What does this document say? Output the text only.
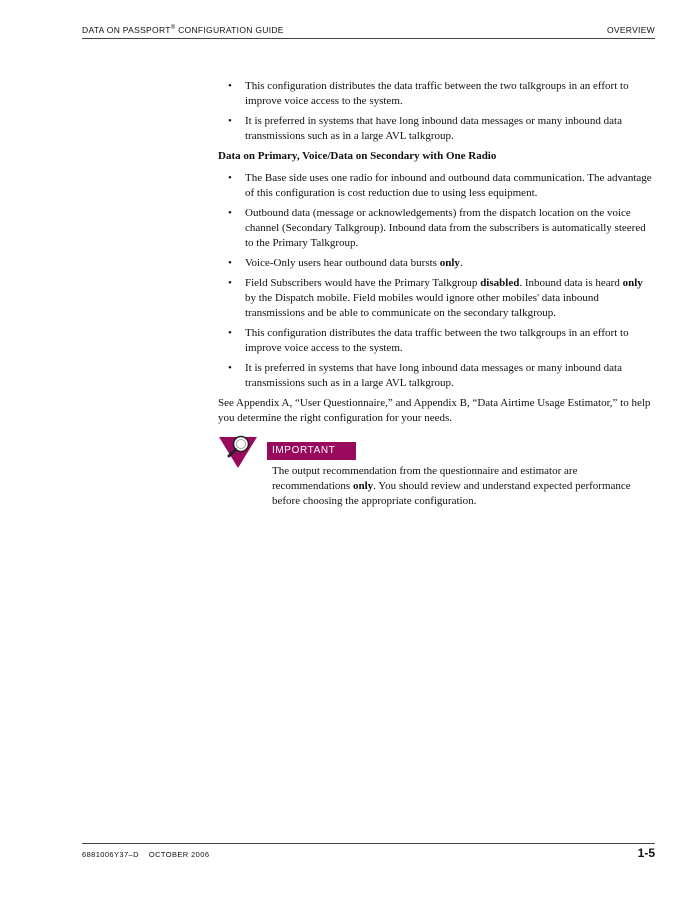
DATA ON PASSPORT® CONFIGURATION GUIDE	OVERVIEW
• This configuration distributes the data traffic between the two talkgroups in an effort to improve voice access to the system.
• It is preferred in systems that have long inbound data messages or many inbound data transmissions such as in a large AVL talkgroup.
Data on Primary, Voice/Data on Secondary with One Radio
• The Base side uses one radio for inbound and outbound data communication. The advantage of this configuration is cost reduction due to using less equipment.
• Outbound data (message or acknowledgements) from the dispatch location on the voice channel (Secondary Talkgroup). Inbound data from the subscribers is automatically steered to the Primary Talkgroup.
• Voice-Only users hear outbound data bursts only.
• Field Subscribers would have the Primary Talkgroup disabled. Inbound data is heard only by the Dispatch mobile. Field mobiles would ignore other mobiles' data inbound transmissions and be able to communicate on the secondary talkgroup.
• This configuration distributes the data traffic between the two talkgroups in an effort to improve voice access to the system.
• It is preferred in systems that have long inbound data messages or many inbound data transmissions such as in a large AVL talkgroup.

See Appendix A, “User Questionnaire,” and Appendix B, “Data Airtime Usage Estimator,” to help you determine the right configuration for your needs.

IMPORTANT
The output recommendation from the questionnaire and estimator are recommendations only. You should review and understand expected performance before choosing the appropriate configuration.
6881006Y37–D    OCTOBER 2006	1-5
